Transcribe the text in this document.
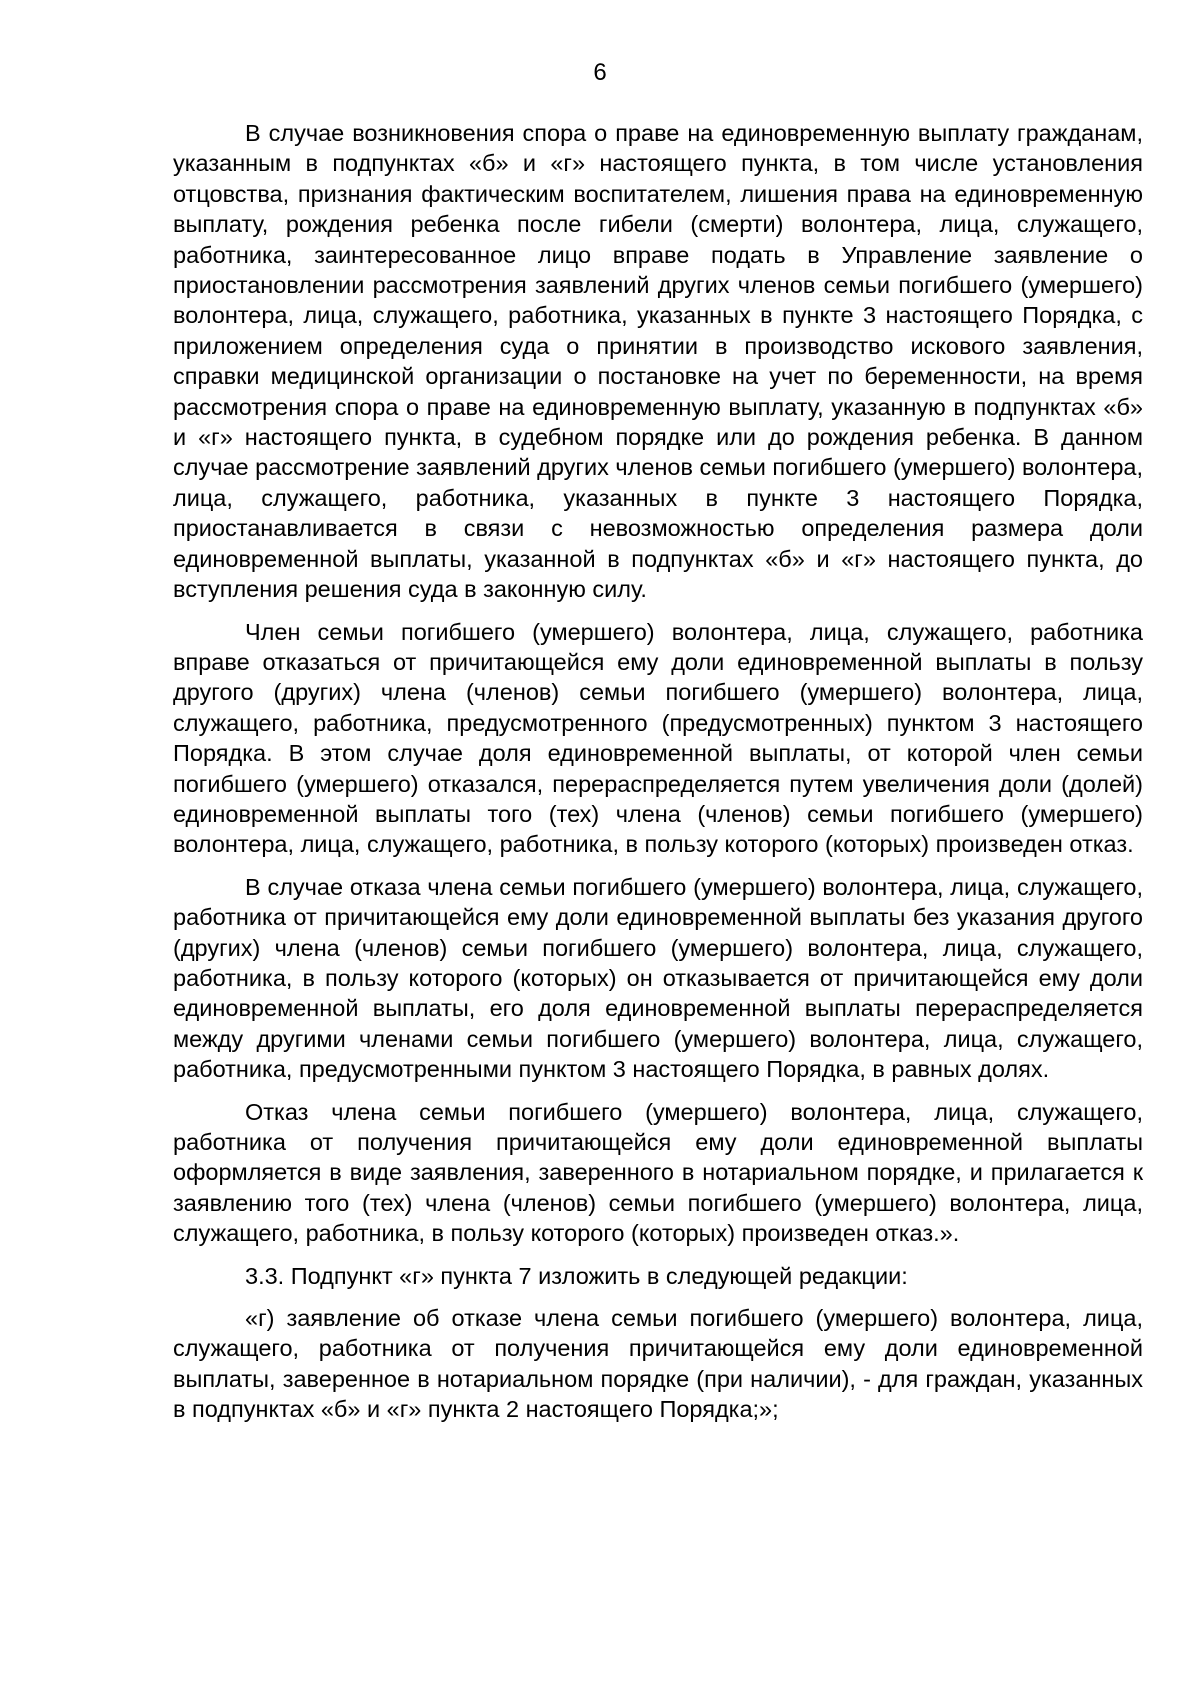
6

В случае возникновения спора о праве на единовременную выплату гражданам, указанным в подпунктах «б» и «г» настоящего пункта, в том числе установления отцовства, признания фактическим воспитателем, лишения права на единовременную выплату, рождения ребенка после гибели (смерти) волонтера, лица, служащего, работника, заинтересованное лицо вправе подать в Управление заявление о приостановлении рассмотрения заявлений других членов семьи погибшего (умершего) волонтера, лица, служащего, работника, указанных в пункте 3 настоящего Порядка, с приложением определения суда о принятии в производство искового заявления, справки медицинской организации о постановке на учет по беременности, на время рассмотрения спора о праве на единовременную выплату, указанную в подпунктах «б» и «г» настоящего пункта, в судебном порядке или до рождения ребенка. В данном случае рассмотрение заявлений других членов семьи погибшего (умершего) волонтера, лица, служащего, работника, указанных в пункте 3 настоящего Порядка, приостанавливается в связи с невозможностью определения размера доли единовременной выплаты, указанной в подпунктах «б» и «г» настоящего пункта, до вступления решения суда в законную силу.

Член семьи погибшего (умершего) волонтера, лица, служащего, работника вправе отказаться от причитающейся ему доли единовременной выплаты в пользу другого (других) члена (членов) семьи погибшего (умершего) волонтера, лица, служащего, работника, предусмотренного (предусмотренных) пунктом 3 настоящего Порядка. В этом случае доля единовременной выплаты, от которой член семьи погибшего (умершего) отказался, перераспределяется путем увеличения доли (долей) единовременной выплаты того (тех) члена (членов) семьи погибшего (умершего) волонтера, лица, служащего, работника, в пользу которого (которых) произведен отказ.

В случае отказа члена семьи погибшего (умершего) волонтера, лица, служащего, работника от причитающейся ему доли единовременной выплаты без указания другого (других) члена (членов) семьи погибшего (умершего) волонтера, лица, служащего, работника, в пользу которого (которых) он отказывается от причитающейся ему доли единовременной выплаты, его доля единовременной выплаты перераспределяется между другими членами семьи погибшего (умершего) волонтера, лица, служащего, работника, предусмотренными пунктом 3 настоящего Порядка, в равных долях.

Отказ члена семьи погибшего (умершего) волонтера, лица, служащего, работника от получения причитающейся ему доли единовременной выплаты оформляется в виде заявления, заверенного в нотариальном порядке, и прилагается к заявлению того (тех) члена (членов) семьи погибшего (умершего) волонтера, лица, служащего, работника, в пользу которого (которых) произведен отказ.».

3.3. Подпункт «г» пункта 7 изложить в следующей редакции:

«г) заявление об отказе члена семьи погибшего (умершего) волонтера, лица, служащего, работника от получения причитающейся ему доли единовременной выплаты, заверенное в нотариальном порядке (при наличии), - для граждан, указанных в подпунктах «б» и «г» пункта 2 настоящего Порядка;»;
